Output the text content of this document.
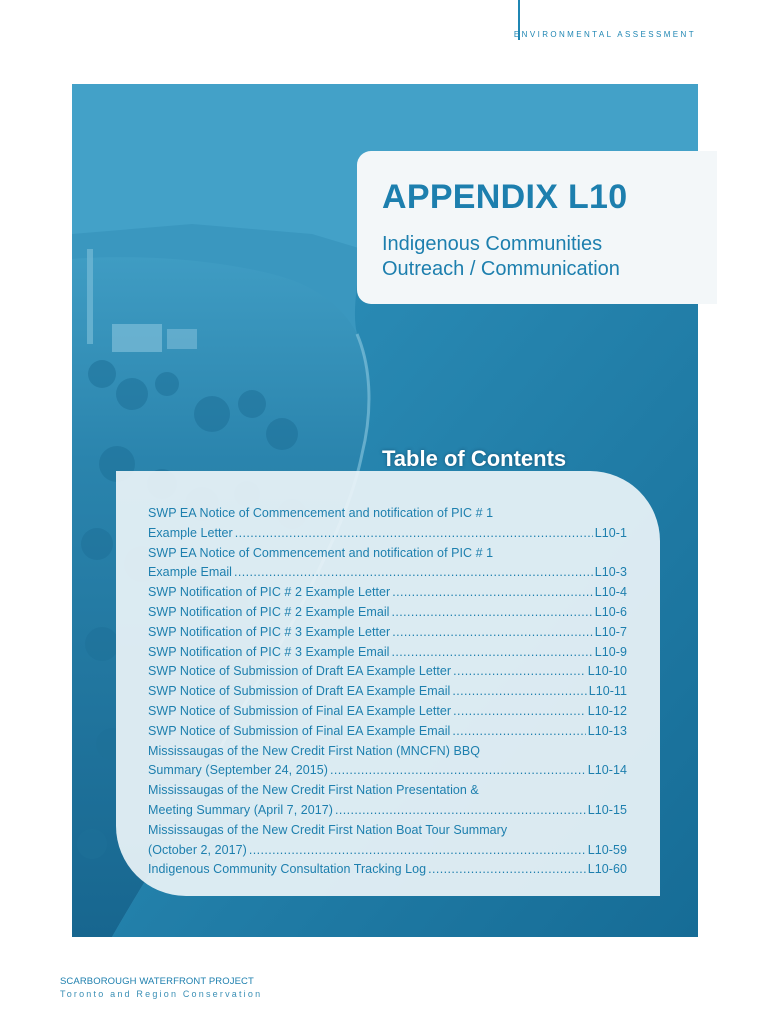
ENVIRONMENTAL ASSESSMENT
APPENDIX L10

Indigenous Communities

Outreach / Communication

Table of Contents
SWP EA Notice of Commencement and notification of PIC # 1
Example Letter .....	L10-1
SWP EA Notice of Commencement and notification of PIC # 1
Example Email .....	L10-3
SWP Notification of PIC # 2 Example Letter .....	L10-4
SWP Notification of PIC # 2 Example Email .....	L10-6
SWP Notification of PIC # 3 Example Letter .....	L10-7
SWP Notification of PIC # 3 Example Email .....	L10-9
SWP Notice of Submission of Draft EA Example Letter .....	L10-10
SWP Notice of Submission of Draft EA Example Email .....	L10-11
SWP Notice of Submission of Final EA Example Letter .....	L10-12
SWP Notice of Submission of Final EA Example Email .....	L10-13
Mississaugas of the New Credit First Nation (MNCFN) BBQ
Summary (September 24, 2015) .....	L10-14
Mississaugas of the New Credit First Nation Presentation &
Meeting Summary (April 7, 2017) .....	L10-15
Mississaugas of the New Credit First Nation Boat Tour Summary
(October 2, 2017) .....	L10-59
Indigenous Community Consultation Tracking Log .....	L10-60
SCARBOROUGH WATERFRONT PROJECT
Toronto and Region Conservation
